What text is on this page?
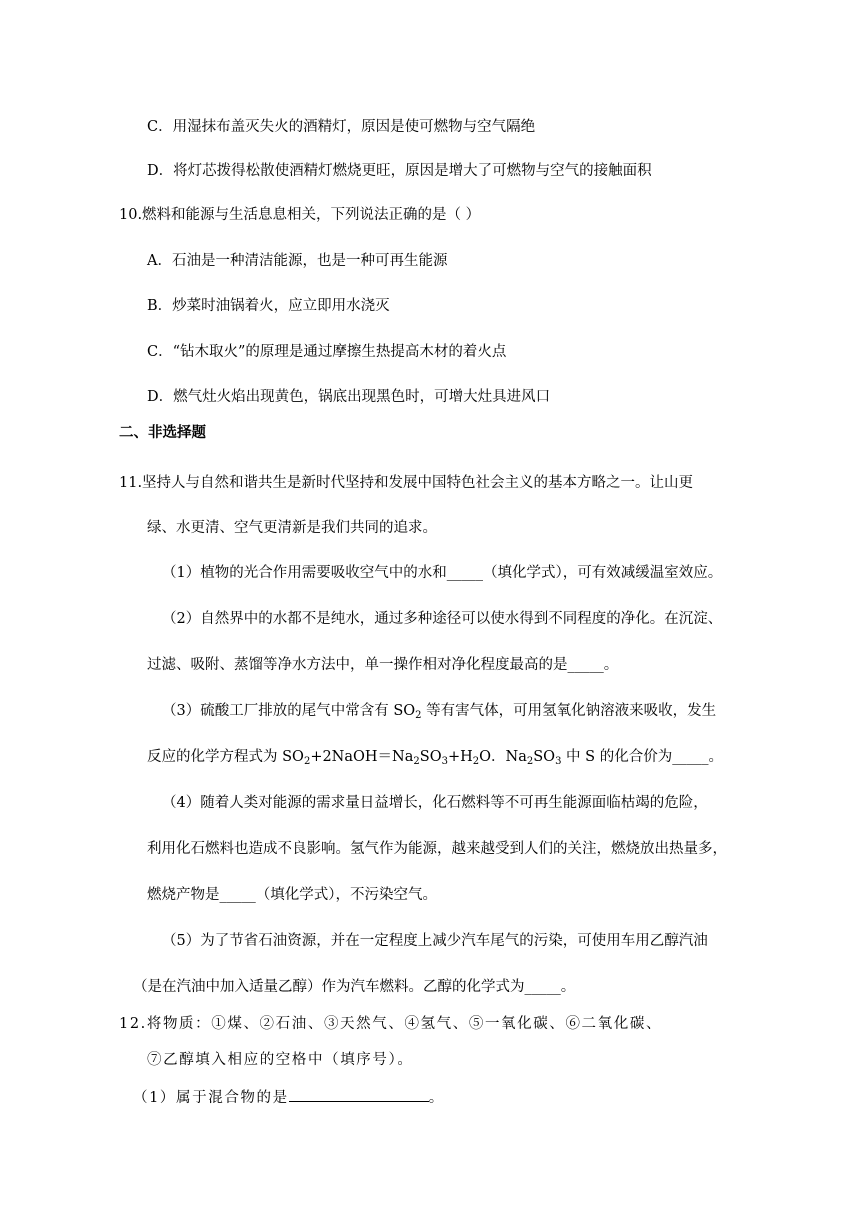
C．用湿抹布盖灭失火的酒精灯，原因是使可燃物与空气隔绝
D．将灯芯拨得松散使酒精灯燃烧更旺，原因是增大了可燃物与空气的接触面积
10.燃料和能源与生活息息相关，下列说法正确的是（ ）
A．石油是一种清洁能源，也是一种可再生能源
B．炒菜时油锅着火，应立即用水浇灭
C．“钻木取火”的原理是通过摩擦生热提高木材的着火点
D．燃气灶火焰出现黄色，锅底出现黑色时，可增大灶具进风口
二、非选择题
11.坚持人与自然和谐共生是新时代坚持和发展中国特色社会主义的基本方略之一。让山更
绿、水更清、空气更清新是我们共同的追求。
（1）植物的光合作用需要吸收空气中的水和_____（填化学式），可有效减缓温室效应。
（2）自然界中的水都不是纯水，通过多种途径可以使水得到不同程度的净化。在沉淀、
过滤、吸附、蒸馏等净水方法中，单一操作相对净化程度最高的是_____。
（3）硫酸工厂排放的尾气中常含有 $SO_2$ 等有害气体，可用氢氧化钠溶液来吸收，发生
反应的化学方程式为 $SO_2+2NaOH=Na_2SO_3+H_2O$．$Na_2SO_3$ 中 S 的化合价为_____。
（4）随着人类对能源的需求量日益增长，化石燃料等不可再生能源面临枯竭的危险，
利用化石燃料也造成不良影响。氢气作为能源，越来越受到人们的关注，燃烧放出热量多，
燃烧产物是_____（填化学式），不污染空气。
（5）为了节省石油资源，并在一定程度上减少汽车尾气的污染，可使用车用乙醇汽油
（是在汽油中加入适量乙醇）作为汽车燃料。乙醇的化学式为_____。
12.将物质：①煤、②石油、③天然气、④氢气、⑤一氧化碳、⑥二氧化碳、
⑦乙醇填入相应的空格中（填序号）。
（1）属于混合物的是	。
